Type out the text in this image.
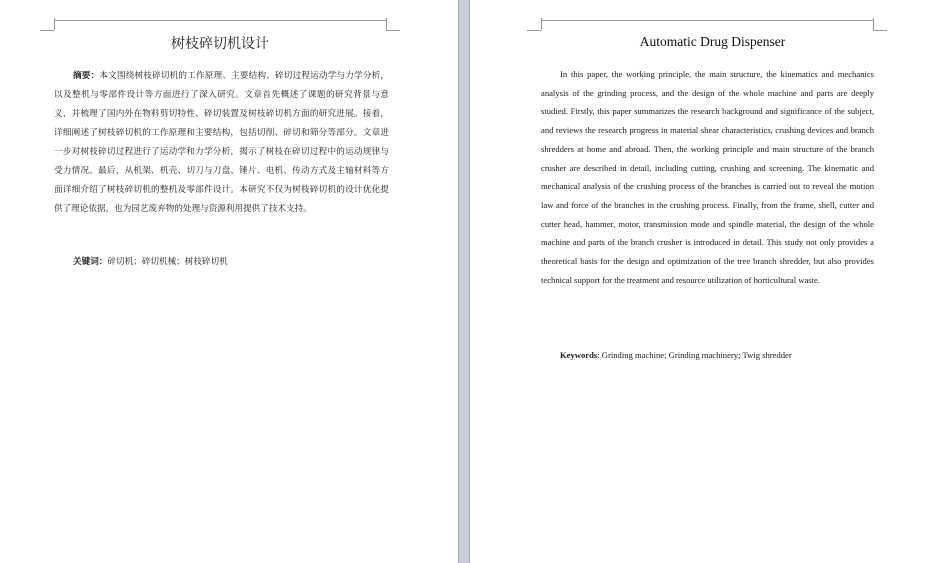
树枝碎切机设计

摘要：本文围绕树枝碎切机的工作原理、主要结构、碎切过程运动学与力学分析，以及整机与零部件设计等方面进行了深入研究。文章首先概述了课题的研究背景与意义，并梳理了国内外在物料剪切特性、碎切装置及树枝碎切机方面的研究进展。接着，详细阐述了树枝碎切机的工作原理和主要结构，包括切削、碎切和筛分等部分。文章进一步对树枝碎切过程进行了运动学和力学分析，揭示了树枝在碎切过程中的运动规律与受力情况。最后，从机架、机壳、切刀与刀盘、锤片、电机、传动方式及主轴材料等方面详细介绍了树枝碎切机的整机及零部件设计。本研究不仅为树枝碎切机的设计优化提供了理论依据，也为园艺废弃物的处理与资源利用提供了技术支持。

关键词：碎切机；碎切机械；树枝碎切机
Automatic Drug Dispenser

In this paper, the working principle, the main structure, the kinematics and mechanics analysis of the grinding process, and the design of the whole machine and parts are deeply studied. Firstly, this paper summarizes the research background and significance of the subject, and reviews the research progress in material shear characteristics, crushing devices and branch shredders at home and abroad. Then, the working principle and main structure of the branch crusher are described in detail, including cutting, crushing and screening. The kinematic and mechanical analysis of the crushing process of the branches is carried out to reveal the motion law and force of the branches in the crushing process. Finally, from the frame, shell, cutter and cutter head, hammer, motor, transmission mode and spindle material, the design of the whole machine and parts of the branch crusher is introduced in detail. This study not only provides a theoretical basis for the design and optimization of the tree branch shredder, but also provides technical support for the treatment and resource utilization of horticultural waste.

Keywords: Grinding machine; Grinding machinery; Twig shredder
